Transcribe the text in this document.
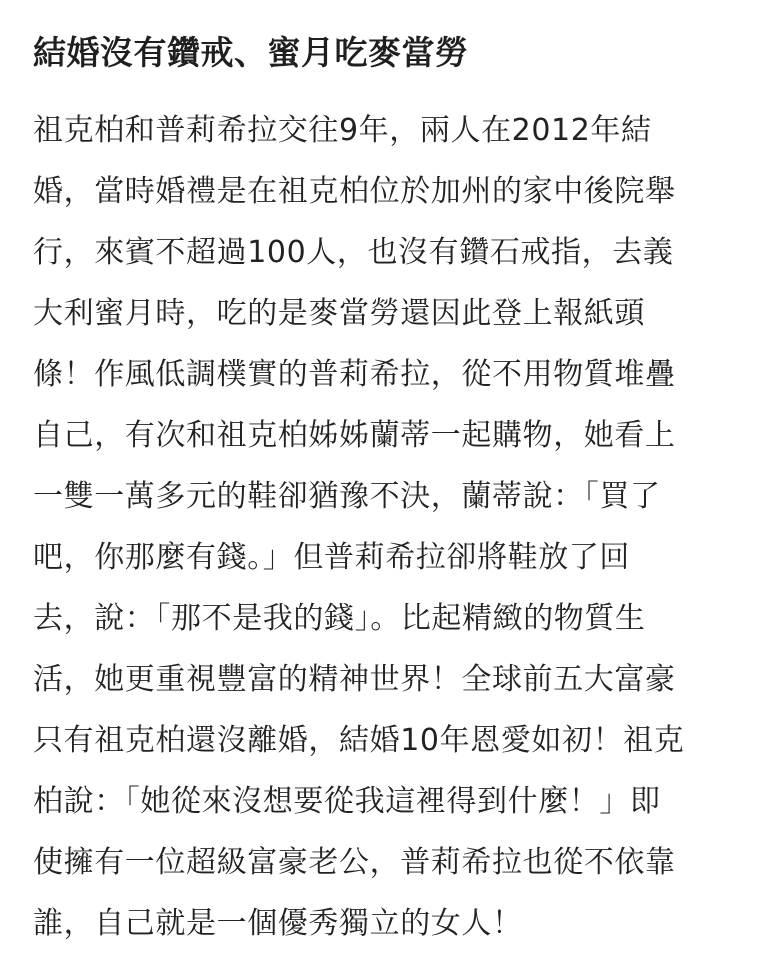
結婚沒有鑽戒、蜜月吃麥當勞
祖克柏和普莉希拉交往9年，兩人在2012年結
婚，當時婚禮是在祖克柏位於加州的家中後院舉
行，來賓不超過100人，也沒有鑽石戒指，去義
大利蜜月時，吃的是麥當勞還因此登上報紙頭
條！作風低調樸實的普莉希拉，從不用物質堆疊
自己，有次和祖克柏姊姊蘭蒂一起購物，她看上
一雙一萬多元的鞋卻猶豫不決，蘭蒂說：「買了
吧，你那麼有錢。」但普莉希拉卻將鞋放了回
去，說：「那不是我的錢」。比起精緻的物質生
活，她更重視豐富的精神世界！全球前五大富豪
只有祖克柏還沒離婚，結婚10年恩愛如初！祖克
柏說：「她從來沒想要從我這裡得到什麼！」即
使擁有一位超級富豪老公，普莉希拉也從不依靠
誰，自己就是一個優秀獨立的女人！
